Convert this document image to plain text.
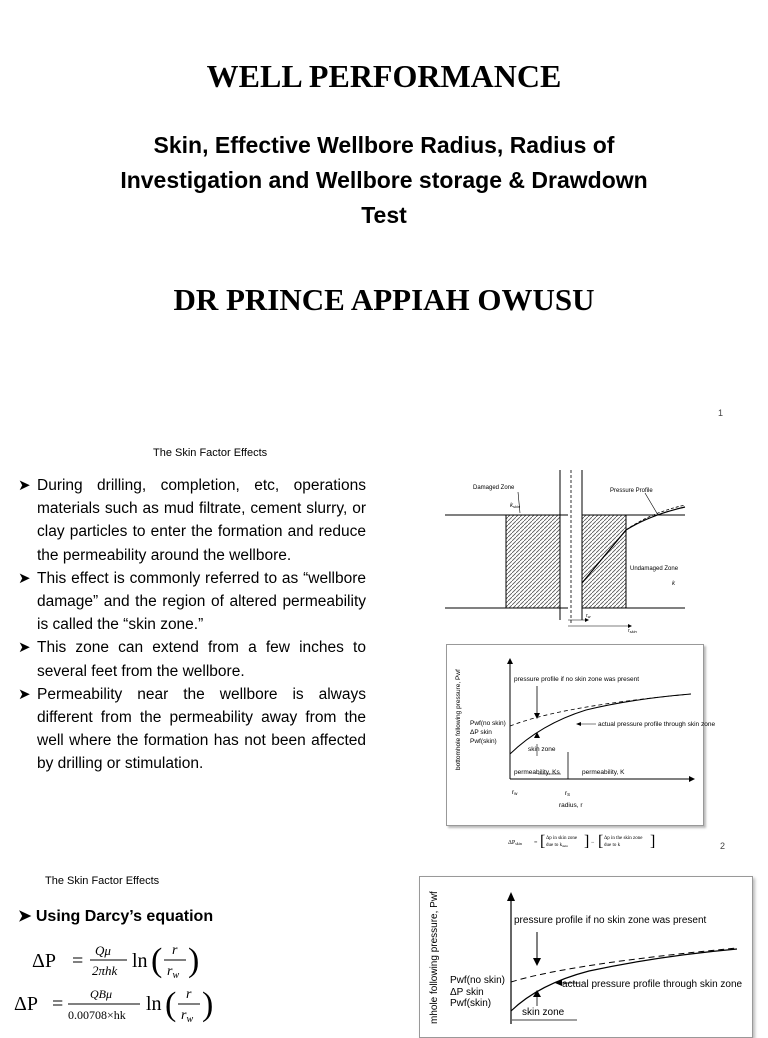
WELL PERFORMANCE
Skin, Effective Wellbore Radius, Radius of Investigation and Wellbore storage & Drawdown Test
DR PRINCE APPIAH OWUSU
1
The Skin Factor Effects
➤ During drilling, completion, etc, operations materials such as mud filtrate, cement slurry, or clay particles to enter the formation and reduce the permeability around the wellbore.
➤ This effect is commonly referred to as “wellbore damage” and the region of altered permeability is called the “skin zone.”
➤ This zone can extend from a few inches to several feet from the wellbore.
➤ Permeability near the wellbore is always different from the permeability away from the well where the formation has not been affected by drilling or stimulation.
Damaged Zone
kskin
Pressure Profile
Undamaged Zone
k
$r_w$
$r_{skin}$
bottomhole following pressure, Pwf	pressure profile if no skin zone was present
actual pressure profile through skin zone
Pwf(no skin)
ΔP skin
Pwf(skin)
skin zone
permeability, Ks	permeability, K
rw	rS
radius, r
ΔPskin = [ Δp in skin zone
due to $k_{skin}$ ] − [ Δp in the skin zone
due to k ]	2
The Skin Factor Effects
➤ Using Darcy’s equation
ΔP = Qμ
2πhk ln ( r
$r_w$ )
ΔP = QBμ
0.00708×hk ln ( r
$r_w$ )	mhole following pressure, Pwf	pressure profile if no skin zone was present
actual pressure profile through skin zone
Pwf(no skin)
ΔP skin
Pwf(skin)
skin zone
